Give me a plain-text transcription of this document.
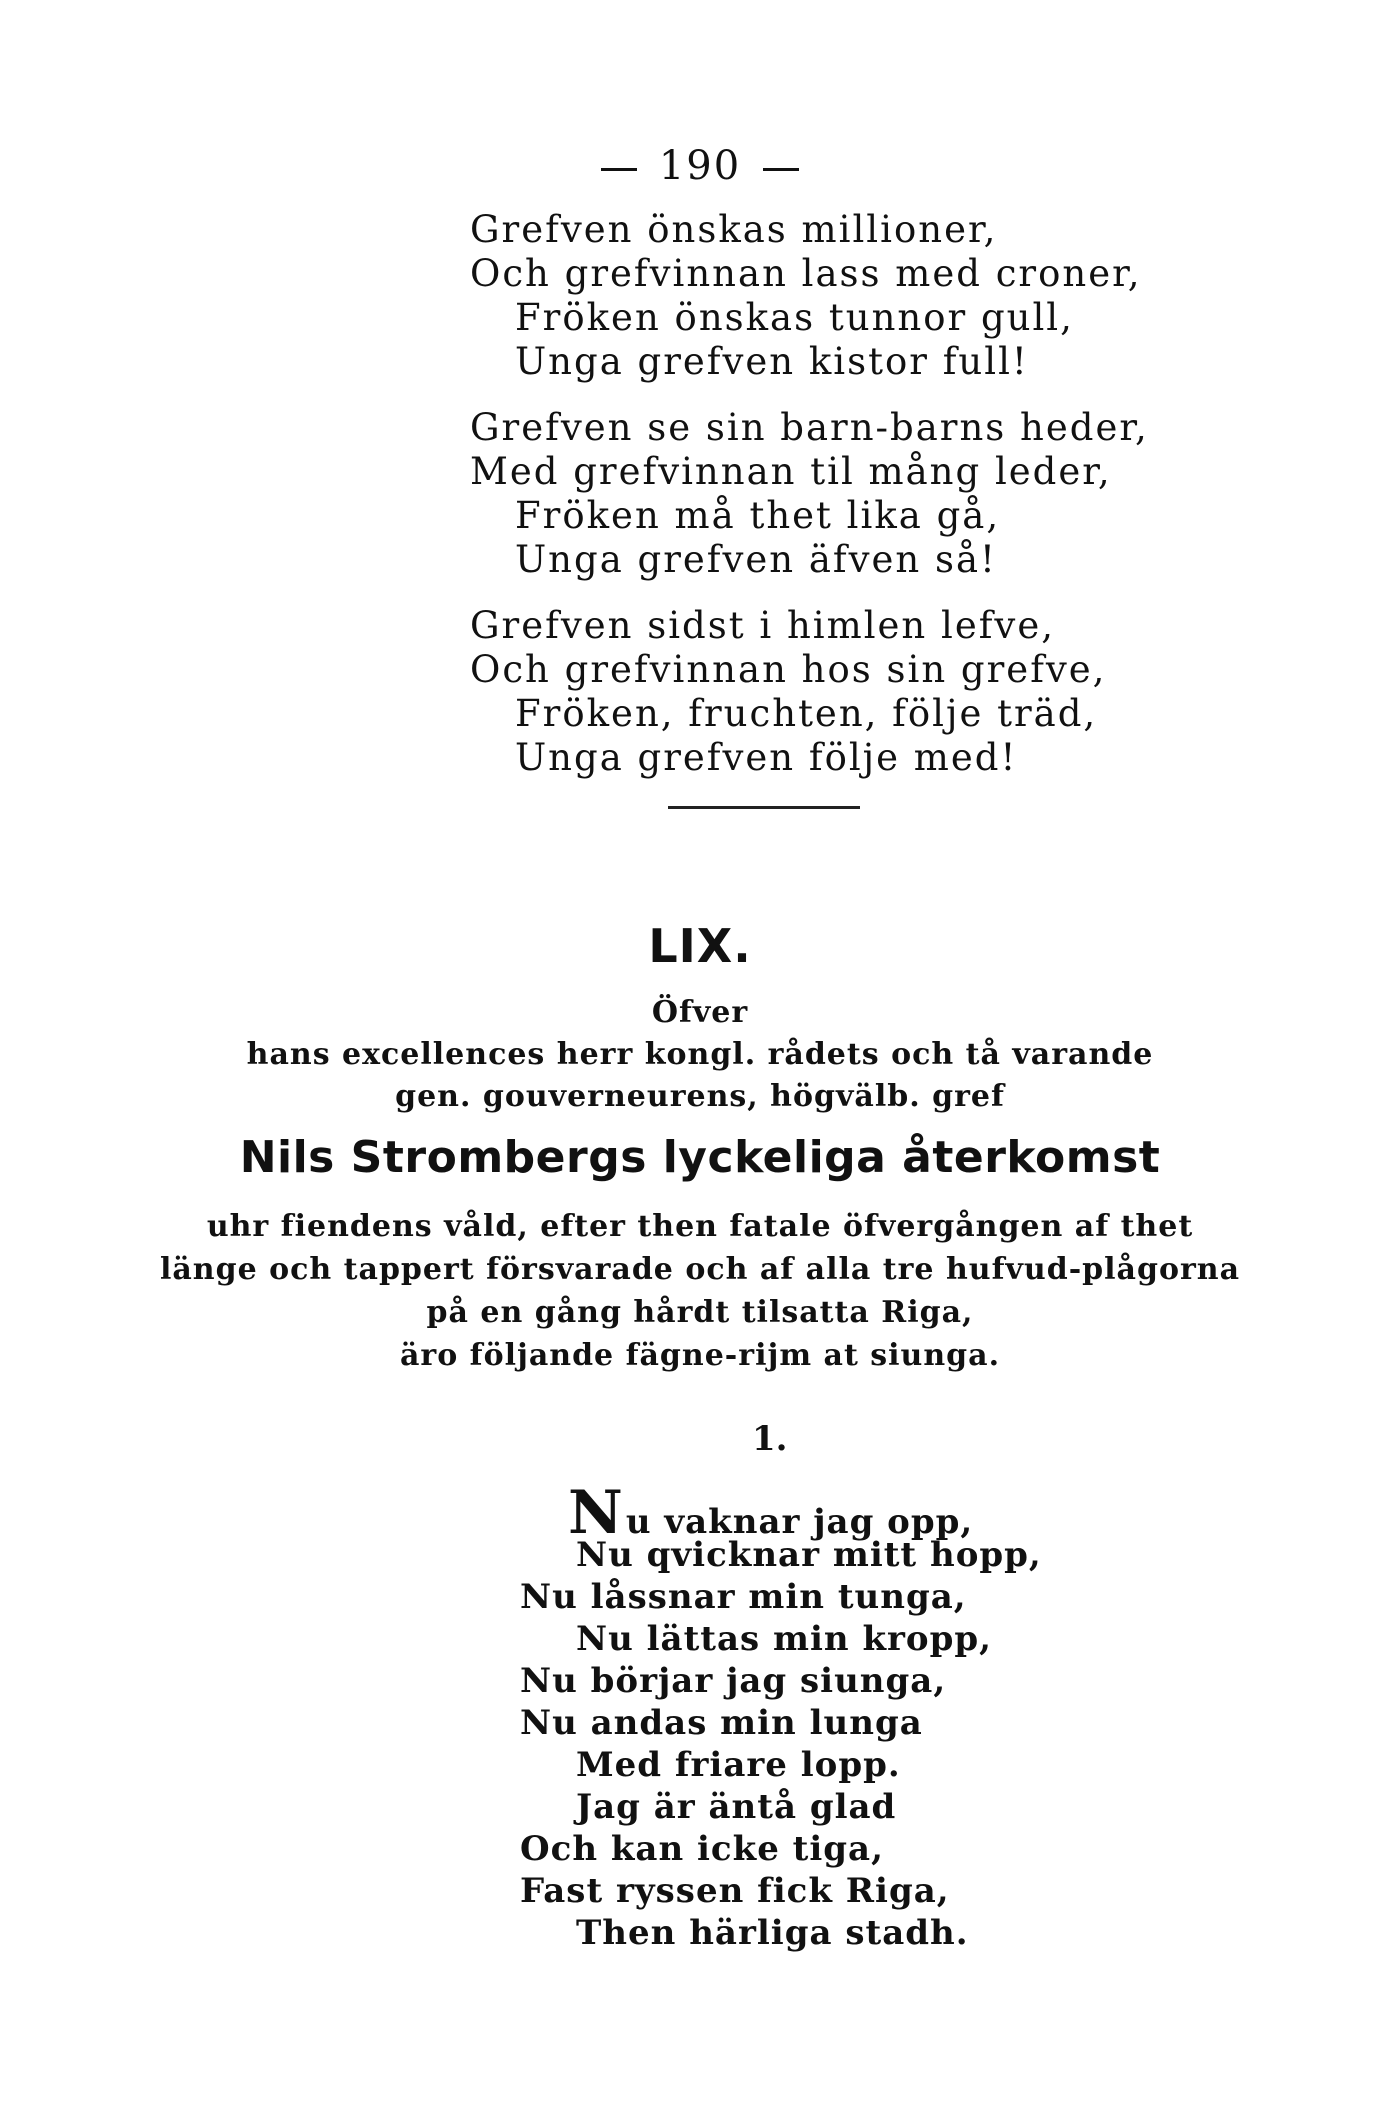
190
Grefven önskas millioner,
Och grefvinnan lass med croner,
Fröken önskas tunnor gull,
Unga grefven kistor full!
Grefven se sin barn-barns heder,
Med grefvinnan til mång leder,
Fröken må thet lika gå,
Unga grefven äfven så!
Grefven sidst i himlen lefve,
Och grefvinnan hos sin grefve,
Fröken, fruchten, följe träd,
Unga grefven följe med!
LIX.
Öfver
hans excellences herr kongl. rådets och tå varande
gen. gouverneurens, högvälb. gref
Nils Strombergs lyckeliga återkomst
uhr fiendens våld, efter then fatale öfvergången af thet
länge och tappert försvarade och af alla tre hufvud-plågorna
på en gång hårdt tilsatta Riga,
äro följande fägne-rijm at siunga.
1.
Nu vaknar jag opp,
Nu qvicknar mitt hopp,
Nu låssnar min tunga,
Nu lättas min kropp,
Nu börjar jag siunga,
Nu andas min lunga
Med friare lopp.
Jag är äntå glad
Och kan icke tiga,
Fast ryssen fick Riga,
Then härliga stadh.
